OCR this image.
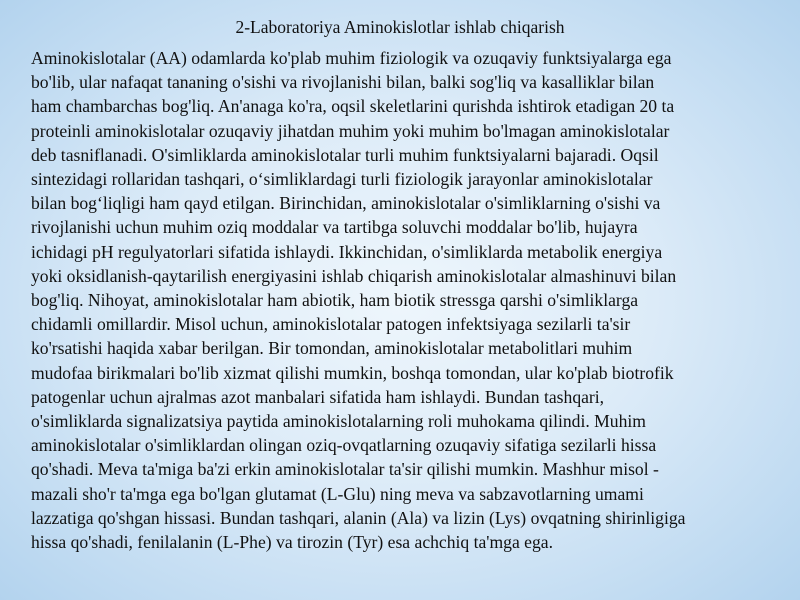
2-Laboratoriya Aminokislotlar ishlab chiqarish
Aminokislotalar (AA) odamlarda ko'plab muhim fiziologik va ozuqaviy funktsiyalarga ega
bo'lib, ular nafaqat tananing o'sishi va rivojlanishi bilan, balki sog'liq va kasalliklar bilan
ham chambarchas bog'liq. An'anaga ko'ra, oqsil skeletlarini qurishda ishtirok etadigan 20 ta
proteinli aminokislotalar ozuqaviy jihatdan muhim yoki muhim bo'lmagan aminokislotalar
deb tasniflanadi. O'simliklarda aminokislotalar turli muhim funktsiyalarni bajaradi. Oqsil
sintezidagi rollaridan tashqari, o‘simliklardagi turli fiziologik jarayonlar aminokislotalar
bilan bog‘liqligi ham qayd etilgan. Birinchidan, aminokislotalar o'simliklarning o'sishi va
rivojlanishi uchun muhim oziq moddalar va tartibga soluvchi moddalar bo'lib, hujayra
ichidagi pH regulyatorlari sifatida ishlaydi. Ikkinchidan, o'simliklarda metabolik energiya
yoki oksidlanish-qaytarilish energiyasini ishlab chiqarish aminokislotalar almashinuvi bilan
bog'liq. Nihoyat, aminokislotalar ham abiotik, ham biotik stressga qarshi o'simliklarga
chidamli omillardir. Misol uchun, aminokislotalar patogen infektsiyaga sezilarli ta'sir
ko'rsatishi haqida xabar berilgan. Bir tomondan, aminokislotalar metabolitlari muhim
mudofaa birikmalari bo'lib xizmat qilishi mumkin, boshqa tomondan, ular ko'plab biotrofik
patogenlar uchun ajralmas azot manbalari sifatida ham ishlaydi. Bundan tashqari,
o'simliklarda signalizatsiya paytida aminokislotalarning roli muhokama qilindi. Muhim
aminokislotalar o'simliklardan olingan oziq-ovqatlarning ozuqaviy sifatiga sezilarli hissa
qo'shadi. Meva ta'miga ba'zi erkin aminokislotalar ta'sir qilishi mumkin. Mashhur misol -
mazali sho'r ta'mga ega bo'lgan glutamat (L-Glu) ning meva va sabzavotlarning umami
lazzatiga qo'shgan hissasi. Bundan tashqari, alanin (Ala) va lizin (Lys) ovqatning shirinligiga
hissa qo'shadi, fenilalanin (L-Phe) va tirozin (Tyr) esa achchiq ta'mga ega.
